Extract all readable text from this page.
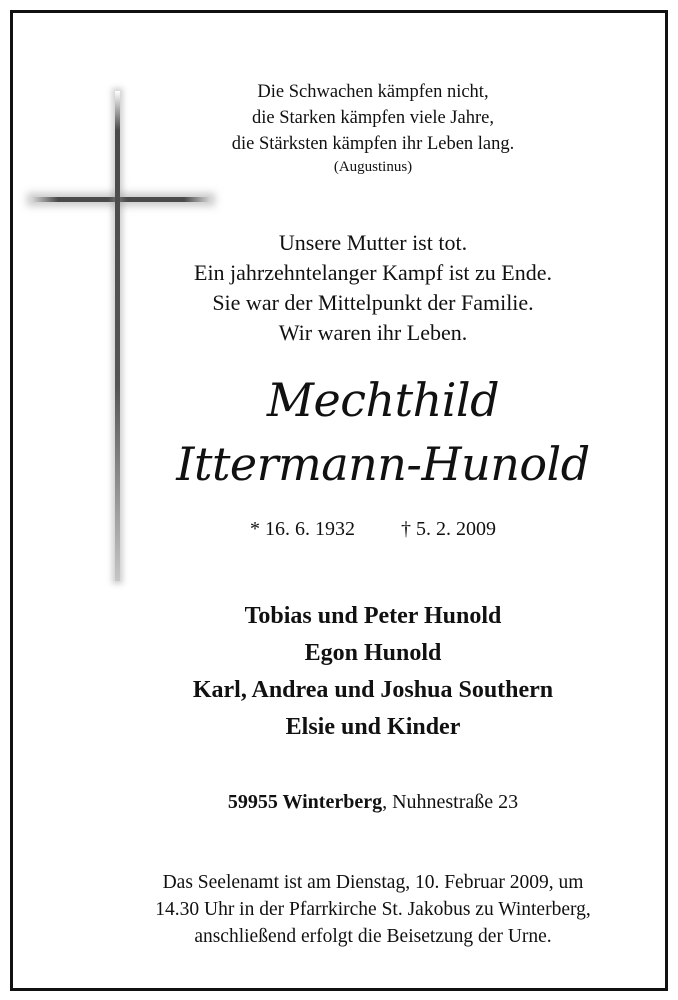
Die Schwachen kämpfen nicht,
die Starken kämpfen viele Jahre,
die Stärksten kämpfen ihr Leben lang.
(Augustinus)
Unsere Mutter ist tot.
Ein jahrzehntelanger Kampf ist zu Ende.
Sie war der Mittelpunkt der Familie.
Wir waren ihr Leben.
Mechthild
Ittermann-Hunold
* 16. 6. 1932 † 5. 2. 2009
Tobias und Peter Hunold
Egon Hunold
Karl, Andrea und Joshua Southern
Elsie und Kinder
59955 Winterberg, Nuhnestraße 23
Das Seelenamt ist am Dienstag, 10. Februar 2009, um
14.30 Uhr in der Pfarrkirche St. Jakobus zu Winterberg,
anschließend erfolgt die Beisetzung der Urne.
